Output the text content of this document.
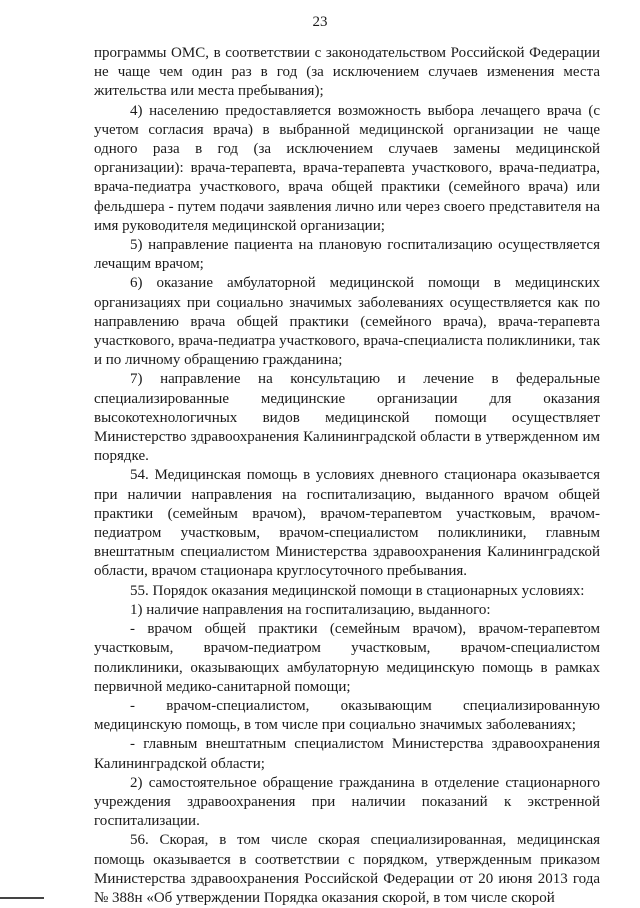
23

программы ОМС, в соответствии с законодательством Российской Федерации не чаще чем один раз в год (за исключением случаев изменения места жительства или места пребывания);

4) населению предоставляется возможность выбора лечащего врача (с учетом согласия врача) в выбранной медицинской организации не чаще одного раза в год (за исключением случаев замены медицинской организации): врача-терапевта, врача-терапевта участкового, врача-педиатра, врача-педиатра участкового, врача общей практики (семейного врача) или фельдшера - путем подачи заявления лично или через своего представителя на имя руководителя медицинской организации;

5) направление пациента на плановую госпитализацию осуществляется лечащим врачом;

6) оказание амбулаторной медицинской помощи в медицинских организациях при социально значимых заболеваниях осуществляется как по направлению врача общей практики (семейного врача), врача-терапевта участкового, врача-педиатра участкового, врача-специалиста поликлиники, так и по личному обращению гражданина;

7) направление на консультацию и лечение в федеральные специализированные медицинские организации для оказания высокотехнологичных видов медицинской помощи осуществляет Министерство здравоохранения Калининградской области в утвержденном им порядке.

54. Медицинская помощь в условиях дневного стационара оказывается при наличии направления на госпитализацию, выданного врачом общей практики (семейным врачом), врачом-терапевтом участковым, врачом-педиатром участковым, врачом-специалистом поликлиники, главным внештатным специалистом Министерства здравоохранения Калининградской области, врачом стационара круглосуточного пребывания.

55. Порядок оказания медицинской помощи в стационарных условиях:

1) наличие направления на госпитализацию, выданного:

- врачом общей практики (семейным врачом), врачом-терапевтом участковым, врачом-педиатром участковым, врачом-специалистом поликлиники, оказывающих амбулаторную медицинскую помощь в рамках первичной медико-санитарной помощи;

- врачом-специалистом, оказывающим специализированную медицинскую помощь, в том числе при социально значимых заболеваниях;

- главным внештатным специалистом Министерства здравоохранения Калининградской области;

2) самостоятельное обращение гражданина в отделение стационарного учреждения здравоохранения при наличии показаний к экстренной госпитализации.

56. Скорая, в том числе скорая специализированная, медицинская помощь оказывается в соответствии с порядком, утвержденным приказом Министерства здравоохранения Российской Федерации от 20 июня 2013 года № 388н «Об утверждении Порядка оказания скорой, в том числе скорой
